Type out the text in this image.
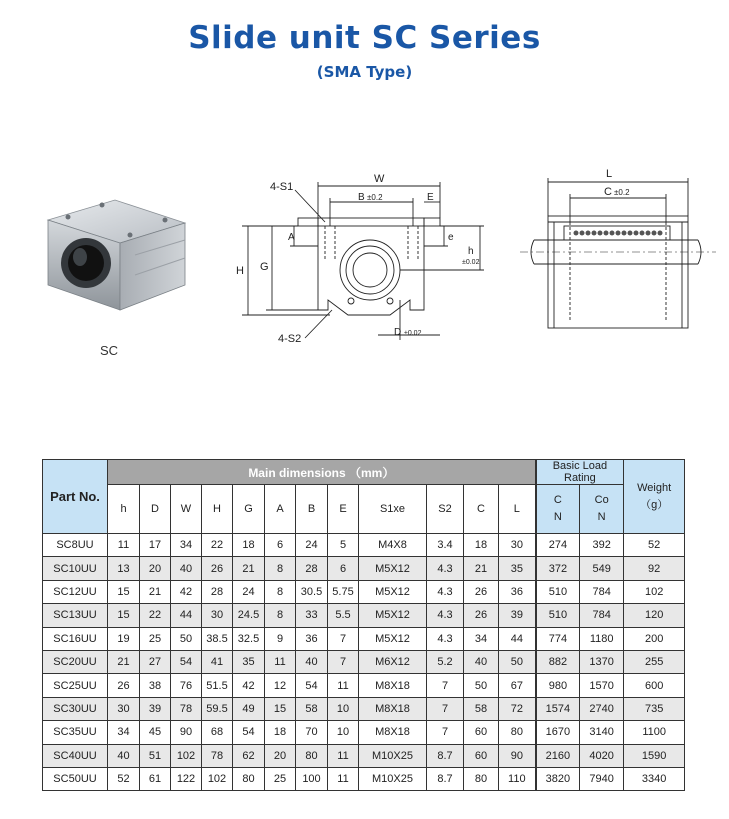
Slide unit SC Series
(SMA Type)
SC
W
B ±0.2	E
4-S1
A
H G
e
h
±0.02
4-S2
D ±0.02
L
C ±0.2
Part No.	Main dimensions （mm）												Basic Load Rating		Weight
（g）

	h	D	W	H	G	A	B	E	S1xe	S2	C	L	C
N	Co
N	

SC8UU	11	17	34	22	18	6	24	5	M4X8	3.4	18	30	274	392	52
SC10UU	13	20	40	26	21	8	28	6	M5X12	4.3	21	35	372	549	92
SC12UU	15	21	42	28	24	8	30.5	5.75	M5X12	4.3	26	36	510	784	102
SC13UU	15	22	44	30	24.5	8	33	5.5	M5X12	4.3	26	39	510	784	120
SC16UU	19	25	50	38.5	32.5	9	36	7	M5X12	4.3	34	44	774	1180	200
SC20UU	21	27	54	41	35	11	40	7	M6X12	5.2	40	50	882	1370	255
SC25UU	26	38	76	51.5	42	12	54	11	M8X18	7	50	67	980	1570	600
SC30UU	30	39	78	59.5	49	15	58	10	M8X18	7	58	72	1574	2740	735
SC35UU	34	45	90	68	54	18	70	10	M8X18	7	60	80	1670	3140	1100
SC40UU	40	51	102	78	62	20	80	11	M10X25	8.7	60	90	2160	4020	1590
SC50UU	52	61	122	102	80	25	100	11	M10X25	8.7	80	110	3820	7940	3340
